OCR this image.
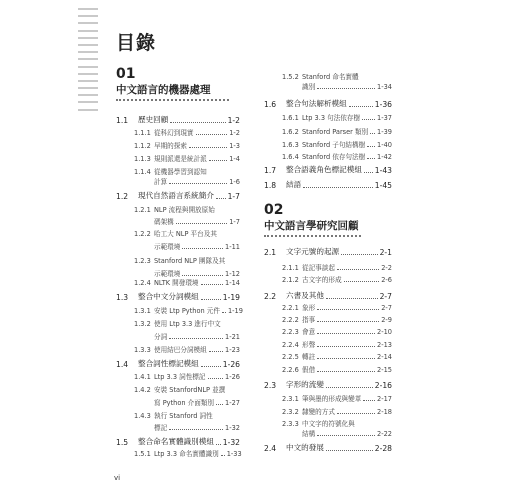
目錄
01
中文語言的機器處理
02
中文語言學研究回顧
1.1	歷史回顧	1-2
1.1.1 從科幻到現實	1-2
1.1.2 早期的探索	1-3
1.1.3 規則派還是統計派	1-4
1.1.4 從機器學習到認知
計算	1-6
1.2	現代自然語言系統簡介 1-7
1.2.1 NLP 流程與開放原始
碼架構	1-7
1.2.2 哈工大 NLP 平台及其
示範環境	1-11
1.2.3 Stanford NLP 團隊及其
示範環境	1-12
1.2.4 NLTK 開發環境	1-14
1.3	整合中文分詞模組	1-19
1.3.1 安裝 Ltp Python 元件 1-19
1.3.2 使用 Ltp 3.3 進行中文
分詞	1-21
1.3.3 使用結巴分詞模組	1-23
1.4	整合詞性標記模組	1-26
1.4.1 Ltp 3.3 詞性標記	1-26
1.4.2 安裝 StanfordNLP 並撰
寫 Python 介面類別 1-27
1.4.3 執行 Stanford 詞性
標記	1-32
1.5	整合命名實體識別模組 1-32
1.5.1 Ltp 3.3 命名實體識別 1-33
1.5.2 Stanford 命名實體
識別	1-34
1.6	整合句法解析模組	1-36
1.6.1 Ltp 3.3 句法依存樹	1-37
1.6.2 Stanford Parser 類別 1-39
1.6.3 Stanford 子句結構樹 1-40
1.6.4 Stanford 依存句法樹 1-42
1.7	整合語義角色標記模組 1-43
1.8	結語	1-45
2.1	文字元號的起源	2-1
2.1.1 從記事談起	2-2
2.1.2 古文字的形成	2-6
2.2	六書及其他	2-7
2.2.1 象形	2-7
2.2.2 指事	2-9
2.2.3 會意	2-10
2.2.4 形聲	2-13
2.2.5 轉註	2-14
2.2.6 假借	2-15
2.3	字形的流變	2-16
2.3.1 筆與墨的形成與變革 2-17
2.3.2 隸變的方式	2-18
2.3.3 中文字的符號化與
結構	2-22
2.4	中文的發展	2-28
vi
